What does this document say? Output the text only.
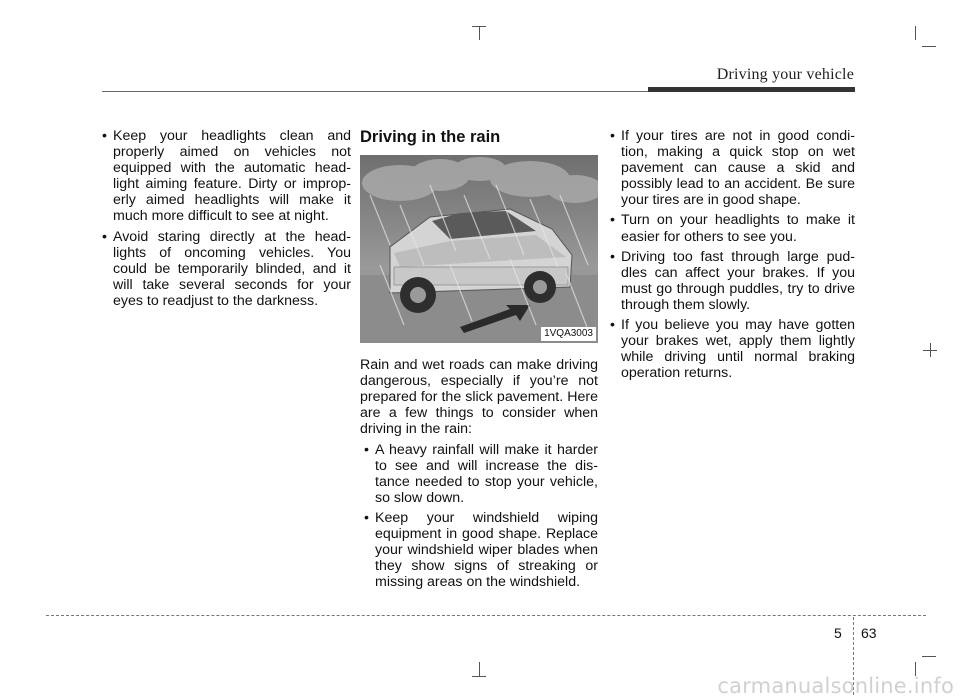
Driving your vehicle
• Keep your headlights clean and properly aimed on vehicles not equipped with the automatic head-light aiming feature. Dirty or improp-erly aimed headlights will make it much more difficult to see at night.
• Avoid staring directly at the head-lights of oncoming vehicles. You could be temporarily blinded, and it will take several seconds for your eyes to readjust to the darkness.
Driving in the rain
1VQA3003
Rain and wet roads can make driving dangerous, especially if you’re not prepared for the slick pavement. Here are a few things to consider when driving in the rain:
• A heavy rainfall will make it harder to see and will increase the dis-tance needed to stop your vehicle, so slow down.
• Keep your windshield wiping equipment in good shape. Replace your windshield wiper blades when they show signs of streaking or missing areas on the windshield.
• If your tires are not in good condi-tion, making a quick stop on wet pavement can cause a skid and possibly lead to an accident. Be sure your tires are in good shape.
• Turn on your headlights to make it easier for others to see you.
• Driving too fast through large pud-dles can affect your brakes. If you must go through puddles, try to drive through them slowly.
• If you believe you may have gotten your brakes wet, apply them lightly while driving until normal braking operation returns.
5 63
carmanualsonline.info
